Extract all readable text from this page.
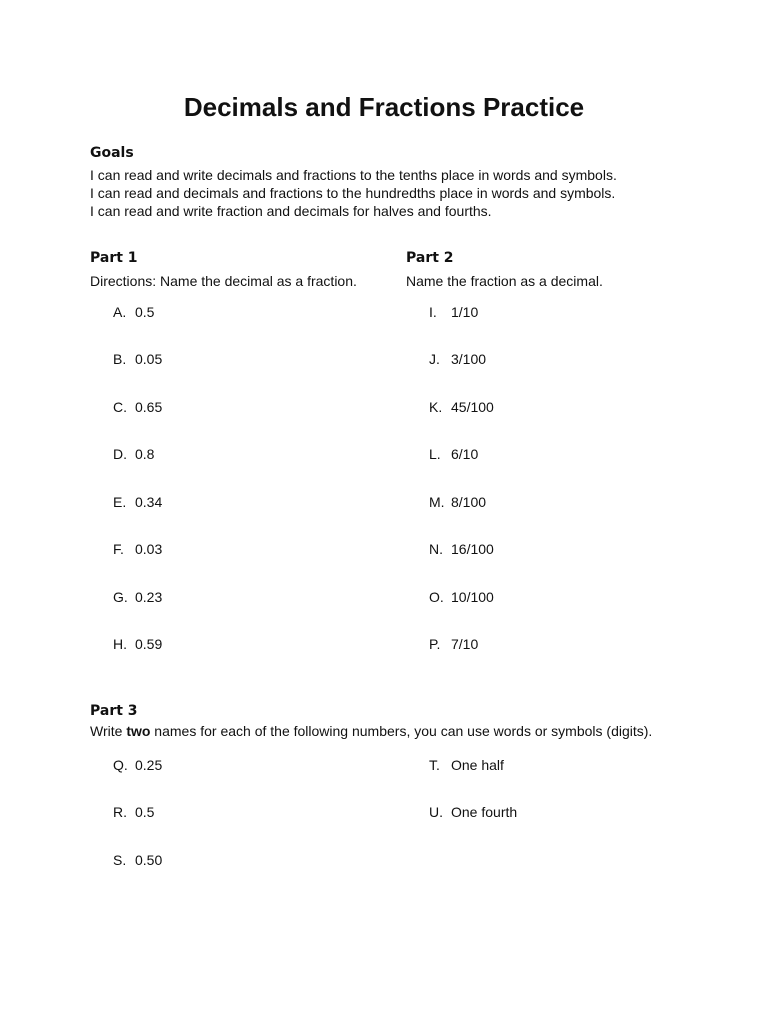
Decimals and Fractions Practice
Goals
I can read and write decimals and fractions to the tenths place in words and symbols.
I can read and decimals and fractions to the hundredths place in words and symbols.
I can read and write fraction and decimals for halves and fourths.
Part 1
Directions: Name the decimal as a fraction.
A. 0.5
B. 0.05
C. 0.65
D. 0.8
E. 0.34
F. 0.03
G. 0.23
H. 0.59
Part 2
Name the fraction as a decimal.
I. 1/10
J. 3/100
K. 45/100
L. 6/10
M. 8/100
N. 16/100
O. 10/100
P. 7/10
Part 3
Write two names for each of the following numbers, you can use words or symbols (digits).
Q. 0.25
R. 0.5
S. 0.50
T. One half
U. One fourth
